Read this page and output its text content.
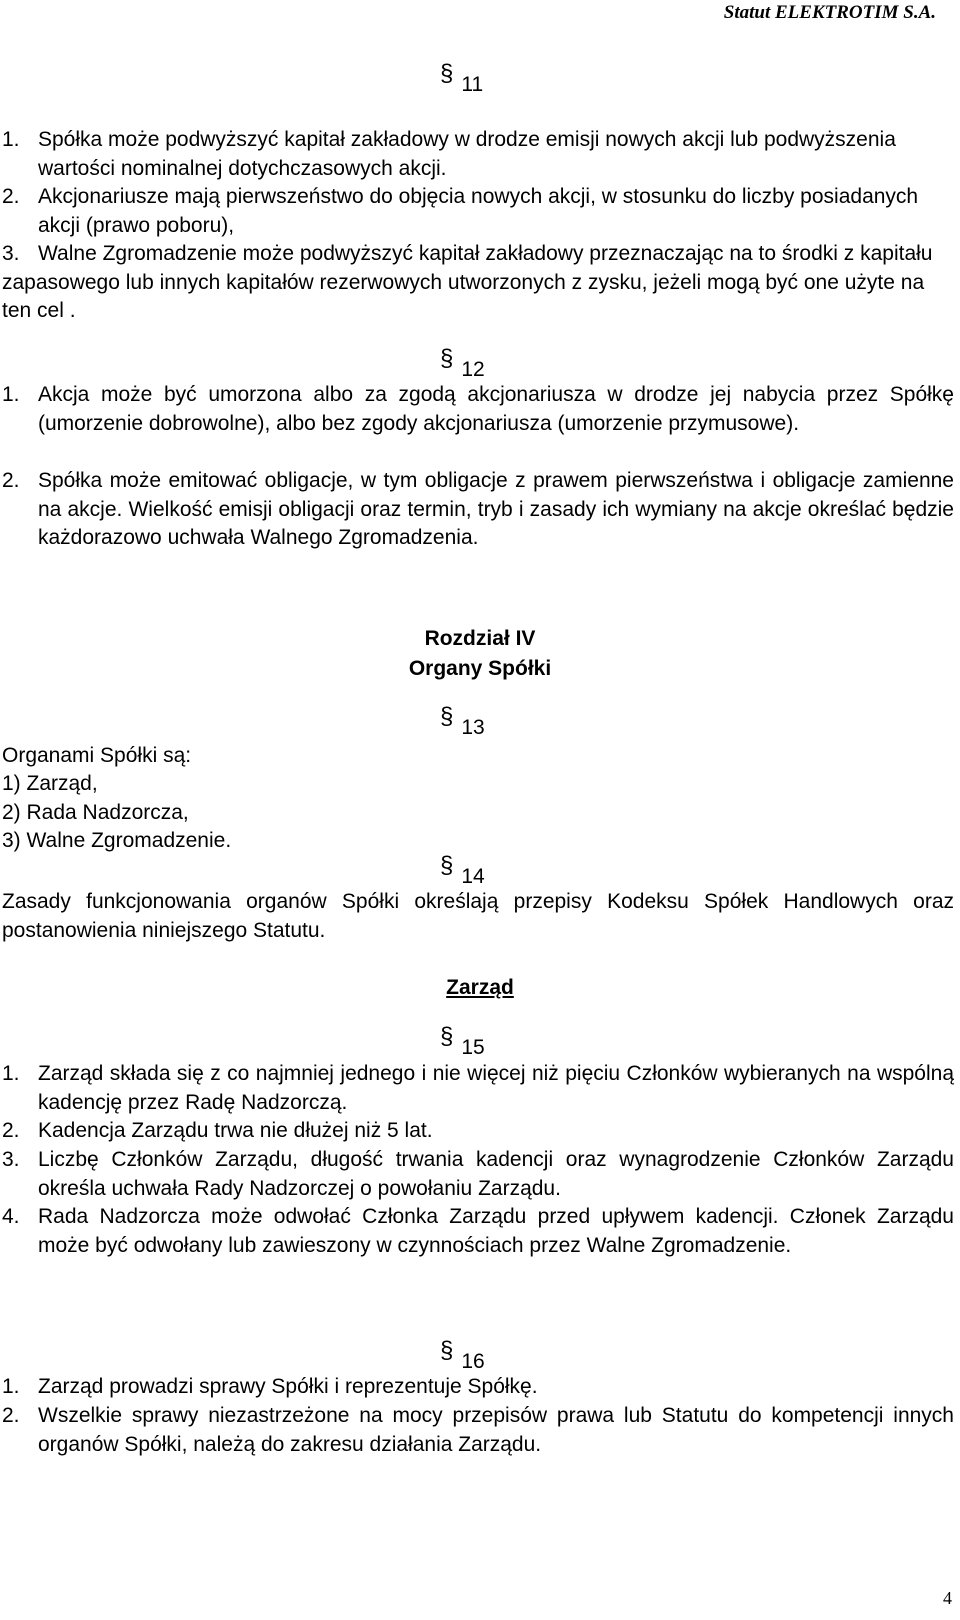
Statut ELEKTROTIM S.A.
§ 11
1. Spółka może podwyższyć kapitał zakładowy w drodze emisji nowych akcji lub podwyższenia wartości nominalnej dotychczasowych akcji.
2. Akcjonariusze mają pierwszeństwo do objęcia nowych akcji, w stosunku do liczby posiadanych akcji (prawo poboru),
3. Walne Zgromadzenie może podwyższyć kapitał zakładowy przeznaczając na to środki z kapitału zapasowego lub innych kapitałów rezerwowych utworzonych z zysku, jeżeli mogą być one użyte na ten cel .
§ 12
1. Akcja może być umorzona albo za zgodą akcjonariusza w drodze jej nabycia przez Spółkę (umorzenie dobrowolne), albo bez zgody akcjonariusza (umorzenie przymusowe).
2. Spółka może emitować obligacje, w tym obligacje z prawem pierwszeństwa i obligacje zamienne na akcje. Wielkość emisji obligacji oraz termin, tryb i zasady ich wymiany na akcje określać będzie każdorazowo uchwała Walnego Zgromadzenia.
Rozdział IV
Organy Spółki
§ 13
Organami Spółki są:
1) Zarząd,
2) Rada Nadzorcza,
3) Walne Zgromadzenie.
§ 14
Zasady funkcjonowania organów Spółki określają przepisy Kodeksu Spółek Handlowych oraz postanowienia niniejszego Statutu.
Zarząd
§ 15
1. Zarząd składa się z co najmniej jednego i nie więcej niż pięciu Członków wybieranych na wspólną kadencję przez Radę Nadzorczą.
2. Kadencja Zarządu trwa nie dłużej niż 5 lat.
3. Liczbę Członków Zarządu, długość trwania kadencji oraz wynagrodzenie Członków Zarządu określa uchwała Rady Nadzorczej o powołaniu Zarządu.
4. Rada Nadzorcza może odwołać Członka Zarządu przed upływem kadencji. Członek Zarządu może być odwołany lub zawieszony w czynnościach przez Walne Zgromadzenie.
§ 16
1. Zarząd prowadzi sprawy Spółki i reprezentuje Spółkę.
2. Wszelkie sprawy niezastrzeżone na mocy przepisów prawa lub Statutu do kompetencji innych organów Spółki, należą do zakresu działania Zarządu.
4
